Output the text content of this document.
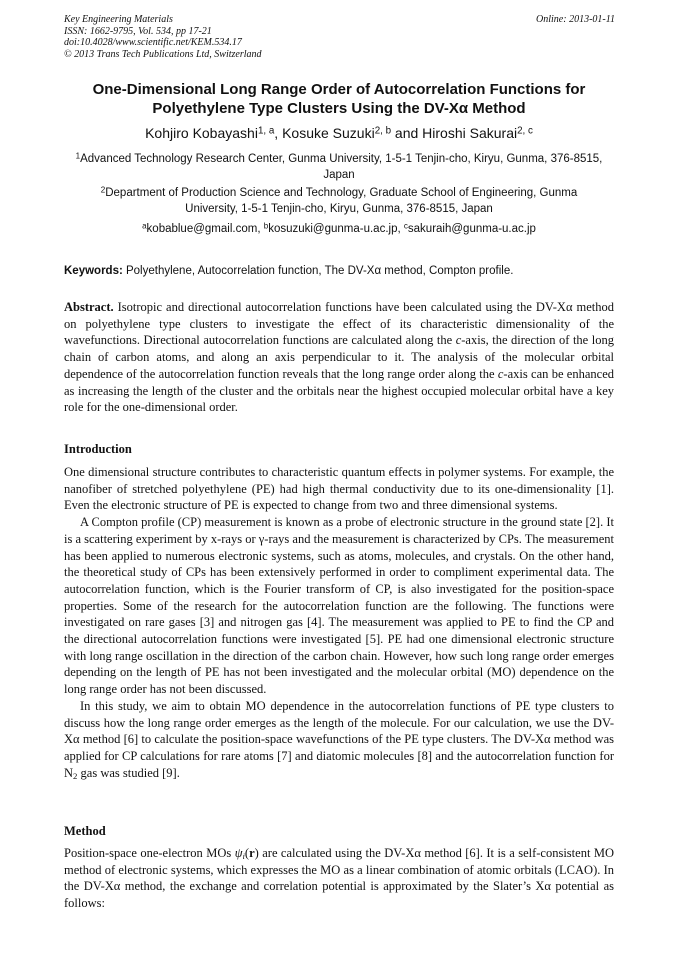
Key Engineering Materials
ISSN: 1662-9795, Vol. 534, pp 17-21
doi:10.4028/www.scientific.net/KEM.534.17
© 2013 Trans Tech Publications Ltd, Switzerland
Online: 2013-01-11
One-Dimensional Long Range Order of Autocorrelation Functions for Polyethylene Type Clusters Using the DV-Xα Method
Kohjiro Kobayashi$^{1, a}$, Kosuke Suzuki$^{2, b}$ and Hiroshi Sakurai$^{2, c}$
$^1$Advanced Technology Research Center, Gunma University, 1-5-1 Tenjin-cho, Kiryu, Gunma, 376-8515, Japan
$^2$Department of Production Science and Technology, Graduate School of Engineering, Gunma University, 1-5-1 Tenjin-cho, Kiryu, Gunma, 376-8515, Japan
$^a$kobablue@gmail.com, $^b$kosuzuki@gunma-u.ac.jp, $^c$sakuraih@gunma-u.ac.jp
Keywords: Polyethylene, Autocorrelation function, The DV-Xα method, Compton profile.
Abstract. Isotropic and directional autocorrelation functions have been calculated using the DV-Xα method on polyethylene type clusters to investigate the effect of its characteristic dimensionality of the wavefunctions. Directional autocorrelation functions are calculated along the c-axis, the direction of the long chain of carbon atoms, and along an axis perpendicular to it. The analysis of the molecular orbital dependence of the autocorrelation function reveals that the long range order along the c-axis can be enhanced as increasing the length of the cluster and the orbitals near the highest occupied molecular orbital have a key role for the one-dimensional order.
Introduction

One dimensional structure contributes to characteristic quantum effects in polymer systems. For example, the nanofiber of stretched polyethylene (PE) had high thermal conductivity due to its one-dimensionality [1]. Even the electronic structure of PE is expected to change from two and three dimensional systems.

A Compton profile (CP) measurement is known as a probe of electronic structure in the ground state [2]. It is a scattering experiment by x-rays or γ-rays and the measurement is characterized by CPs. The measurement has been applied to numerous electronic systems, such as atoms, molecules, and crystals. On the other hand, the theoretical study of CPs has been extensively performed in order to compliment experimental data. The autocorrelation function, which is the Fourier transform of CP, is also investigated for the position-space properties. Some of the research for the autocorrelation function are the following. The functions were investigated on rare gases [3] and nitrogen gas [4]. The measurement was applied to PE to find the CP and the directional autocorrelation functions were investigated [5]. PE had one dimensional electronic structure with long range oscillation in the direction of the carbon chain. However, how such long range order emerges depending on the length of PE has not been investigated and the molecular orbital (MO) dependence on the long range order has not been discussed.

In this study, we aim to obtain MO dependence in the autocorrelation functions of PE type clusters to discuss how the long range order emerges as the length of the molecule. For our calculation, we use the DV-Xα method [6] to calculate the position-space wavefunctions of the PE type clusters. The DV-Xα method was applied for CP calculations for rare atoms [7] and diatomic molecules [8] and the autocorrelation function for $N_2$ gas was studied [9].

Method
Position-space one-electron MOs $\psi_i(r)$ are calculated using the DV-Xα method [6]. It is a self-consistent MO method of electronic systems, which expresses the MO as a linear combination of atomic orbitals (LCAO). In the DV-Xα method, the exchange and correlation potential is approximated by the Slater’s Xα potential as follows:
